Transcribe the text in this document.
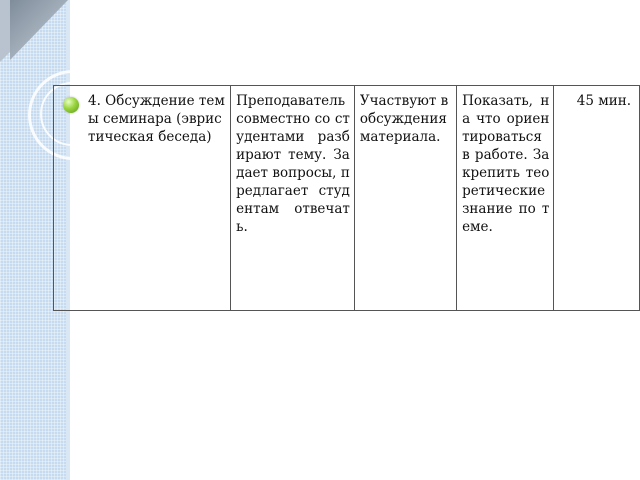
4. Обсуждение темы семинара (эвристическая беседа)	Преподаватель совместно со студентами разбирают тему. Задает вопросы, предлагает студентам отвечать.	Участвуют в обсуждения материала.	Показать, на что ориентироваться в работе. Закрепить теоретические знание по теме.	45 мин.
